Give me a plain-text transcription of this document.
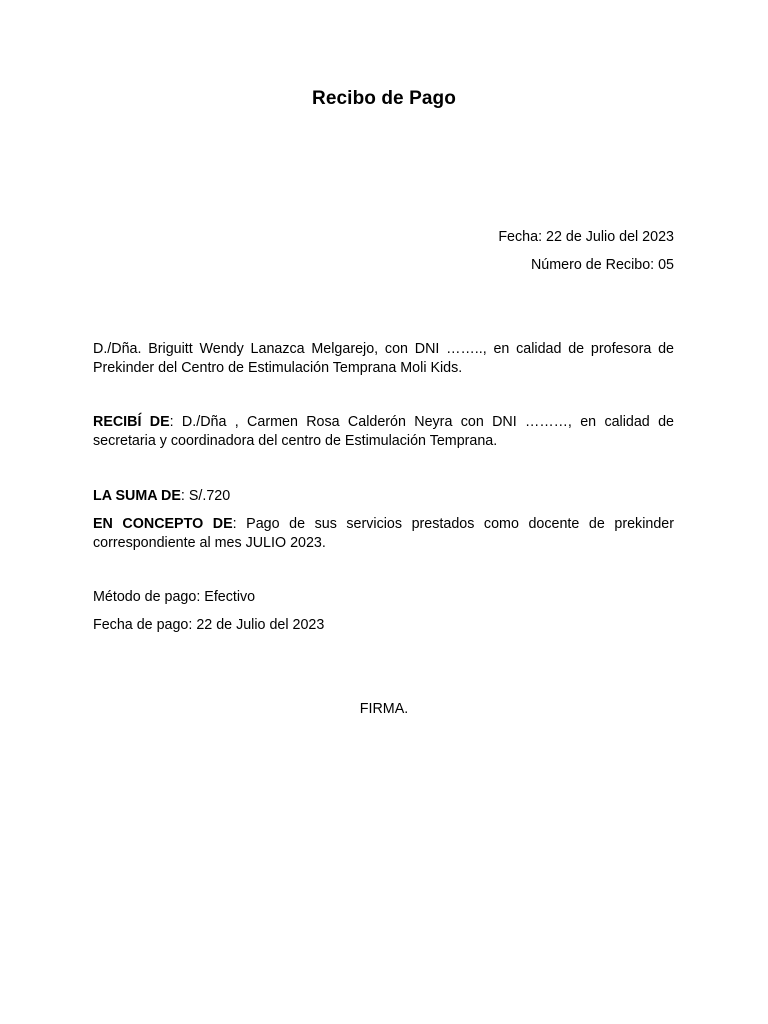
Recibo de Pago
Fecha: 22 de Julio del 2023
Número de Recibo: 05
D./Dña. Briguitt Wendy Lanazca Melgarejo, con DNI …….., en calidad de profesora de Prekinder del Centro de Estimulación Temprana Moli Kids.
RECIBÍ DE: D./Dña , Carmen Rosa Calderón Neyra con DNI ………, en calidad de secretaria y coordinadora del centro de Estimulación Temprana.
LA SUMA DE: S/.720
EN CONCEPTO DE: Pago de sus servicios prestados como docente de prekinder correspondiente al mes JULIO 2023.
Método de pago: Efectivo
Fecha de pago: 22 de Julio del 2023
FIRMA.
